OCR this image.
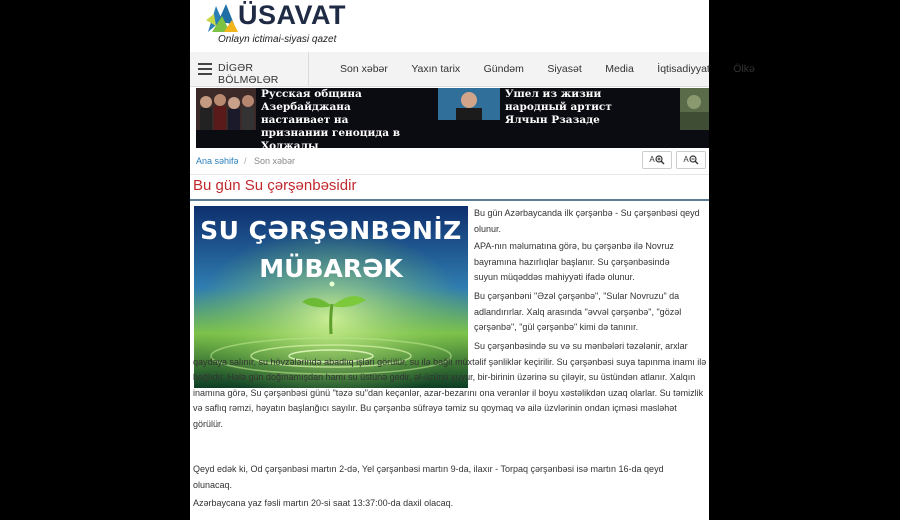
ÜSAVAT
Onlayn ictimai-siyasi qazet
DİGƏR BÖLMƏLƏR
Son xəbər Yaxın tarix Gündəm Siyasət Media İqtisadiyyat Ölkə
Русская община Азербайджана настаивает на признании геноцида в Ходжалы
Ушел из жизни народный артист Ялчын Рзазаде
Ana səhifə / Son xəbər	A	A
Bu gün Su çərşənbəsidir
SU ÇƏRŞƏNBƏNİZ
MÜBARƏK
Bu gün Azərbaycanda ilk çərşənbə - Su çərşənbəsi qeyd olunur.
APA-nın məlumatına görə, bu çərşənbə ilə Novruz bayramına hazırlıqlar başlanır. Su çərşənbəsində suyun müqəddəs mahiyyəti ifadə olunur.
Bu çərşənbəni "Əzəl çərşənbə", "Sular Novruzu" da adlandırırlar. Xalq arasında "əvvəl çərşənbə", "gözəl çərşənbə", "gül çərşənbə" kimi də tanınır.
Su çərşənbəsində su və su mənbələri təzələnir, arxlar qaydaya salınır, su hövzələrində abadlıq işləri görülür, su ilə bağlı müxtəlif şənliklər keçirilir. Su çərşənbəsi suya tapınma inamı ilə bağlıdır. Hələ gün doğmamışdan hamı su üstünə gedir, əl-üzünü yuyur, bir-birinin üzərinə su çiləyir, su üstündən atlanır. Xalqın inamına görə, Su çərşənbəsi günü "təzə su"dan keçənlər, azar-bezarını ona verənlər il boyu xəstəlikdən uzaq olarlar. Su təmizlik və saflıq rəmzi, həyatın başlanğıcı sayılır. Bu çərşənbə süfrəyə təmiz su qoymaq və ailə üzvlərinin ondan içməsi məsləhət görülür.
Qeyd edək ki, Od çərşənbəsi martın 2-də, Yel çərşənbəsi martın 9-da, ilaxır - Torpaq çərşənbəsi isə martın 16-da qeyd olunacaq.
Azərbaycana yaz fəsli martın 20-si saat 13:37:00-da daxil olacaq.
